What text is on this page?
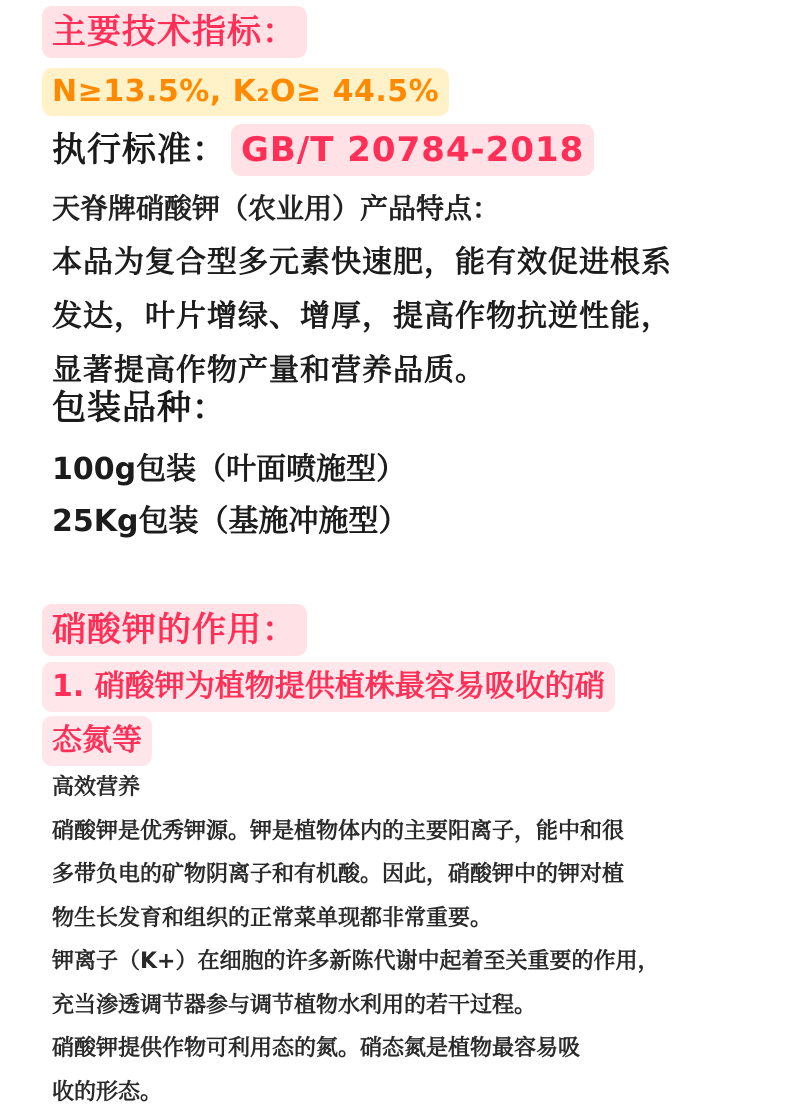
主要技术指标：
N≥13.5%, K₂O≥ 44.5%
执行标准： GB/T 20784-2018
天脊牌硝酸钾（农业用）产品特点：
本品为复合型多元素快速肥，能有效促进根系
发达，叶片增绿、增厚，提高作物抗逆性能，
显著提高作物产量和营养品质。
包装品种：
100g包装（叶面喷施型）
25Kg包装（基施冲施型）
硝酸钾的作用：
1. 硝酸钾为植物提供植株最容易吸收的硝
态氮等
高效营养
硝酸钾是优秀钾源。钾是植物体内的主要阳离子，能中和很
多带负电的矿物阴离子和有机酸。因此，硝酸钾中的钾对植
物生长发育和组织的正常菜单现都非常重要。
钾离子（K+）在细胞的许多新陈代谢中起着至关重要的作用，
充当渗透调节器参与调节植物水利用的若干过程。
硝酸钾提供作物可利用态的氮。硝态氮是植物最容易吸
收的形态。
